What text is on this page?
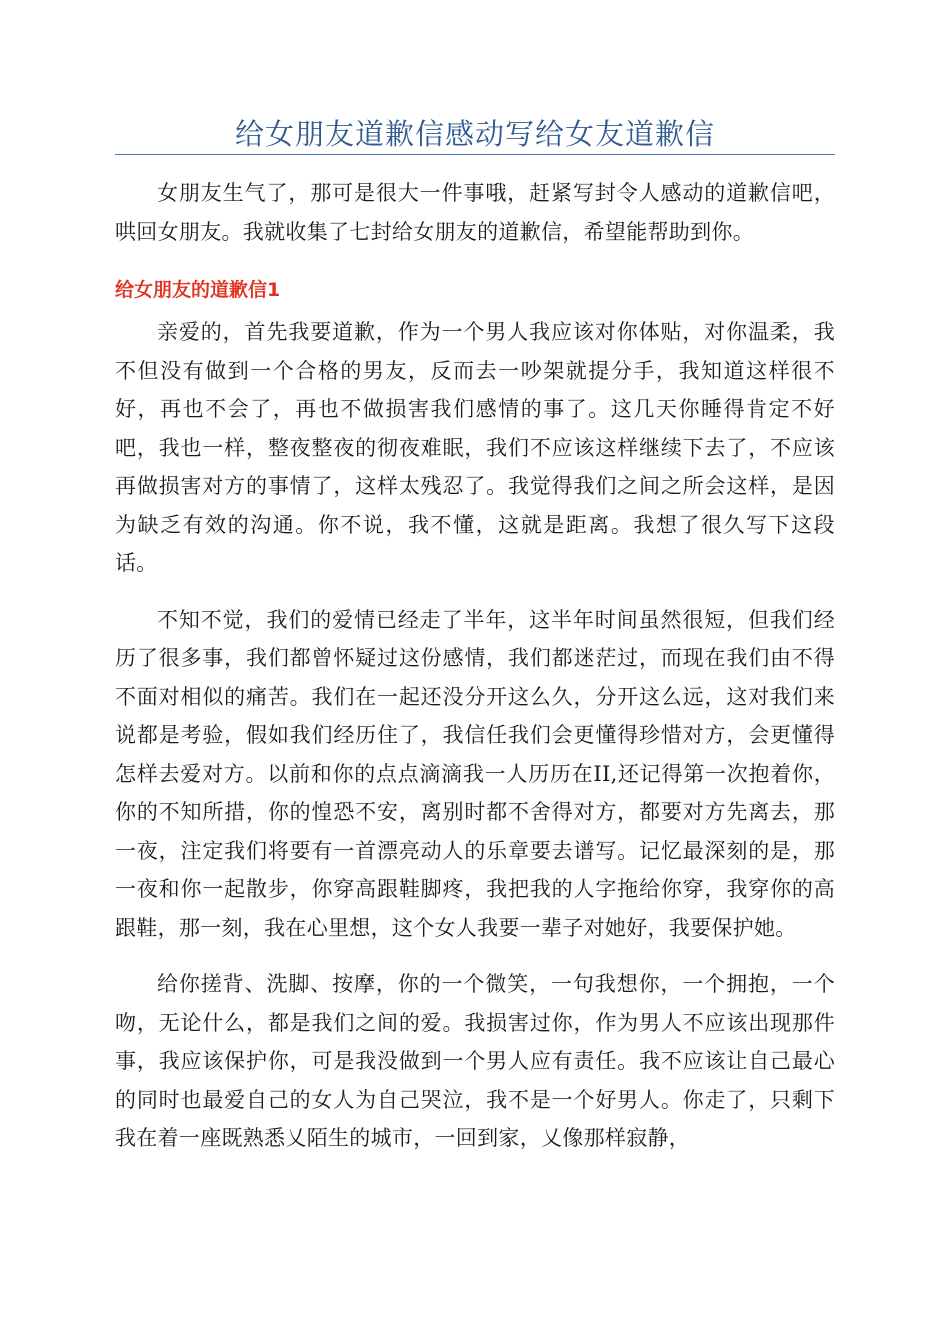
给女朋友道歉信感动写给女友道歉信

女朋友生气了，那可是很大一件事哦，赶紧写封令人感动的道歉信吧，哄回女朋友。我就收集了七封给女朋友的道歉信，希望能帮助到你。

给女朋友的道歉信1

亲爱的，首先我要道歉，作为一个男人我应该对你体贴，对你温柔，我不但没有做到一个合格的男友，反而去一吵架就提分手，我知道这样很不好，再也不会了，再也不做损害我们感情的事了。这几天你睡得肯定不好吧，我也一样，整夜整夜的彻夜难眠，我们不应该这样继续下去了，不应该再做损害对方的事情了，这样太残忍了。我觉得我们之间之所会这样，是因为缺乏有效的沟通。你不说，我不懂，这就是距离。我想了很久写下这段话。

不知不觉，我们的爱情已经走了半年，这半年时间虽然很短，但我们经历了很多事，我们都曾怀疑过这份感情，我们都迷茫过，而现在我们由不得不面对相似的痛苦。我们在一起还没分开这么久，分开这么远，这对我们来说都是考验，假如我们经历住了，我信任我们会更懂得珍惜对方，会更懂得怎样去爱对方。以前和你的点点滴滴我一人历历在II,还记得第一次抱着你，你的不知所措，你的惶恐不安，离别时都不舍得对方，都要对方先离去，那一夜，注定我们将要有一首漂亮动人的乐章要去谱写。记忆最深刻的是，那一夜和你一起散步，你穿高跟鞋脚疼，我把我的人字拖给你穿，我穿你的高跟鞋，那一刻，我在心里想，这个女人我要一辈子对她好，我要保护她。

给你搓背、洗脚、按摩，你的一个微笑，一句我想你，一个拥抱，一个吻，无论什么，都是我们之间的爱。我损害过你，作为男人不应该出现那件事，我应该保护你，可是我没做到一个男人应有责任。我不应该让自己最心的同时也最爱自己的女人为自己哭泣，我不是一个好男人。你走了，只剩下我在着一座既熟悉乂陌生的城市，一回到家，乂像那样寂静，
